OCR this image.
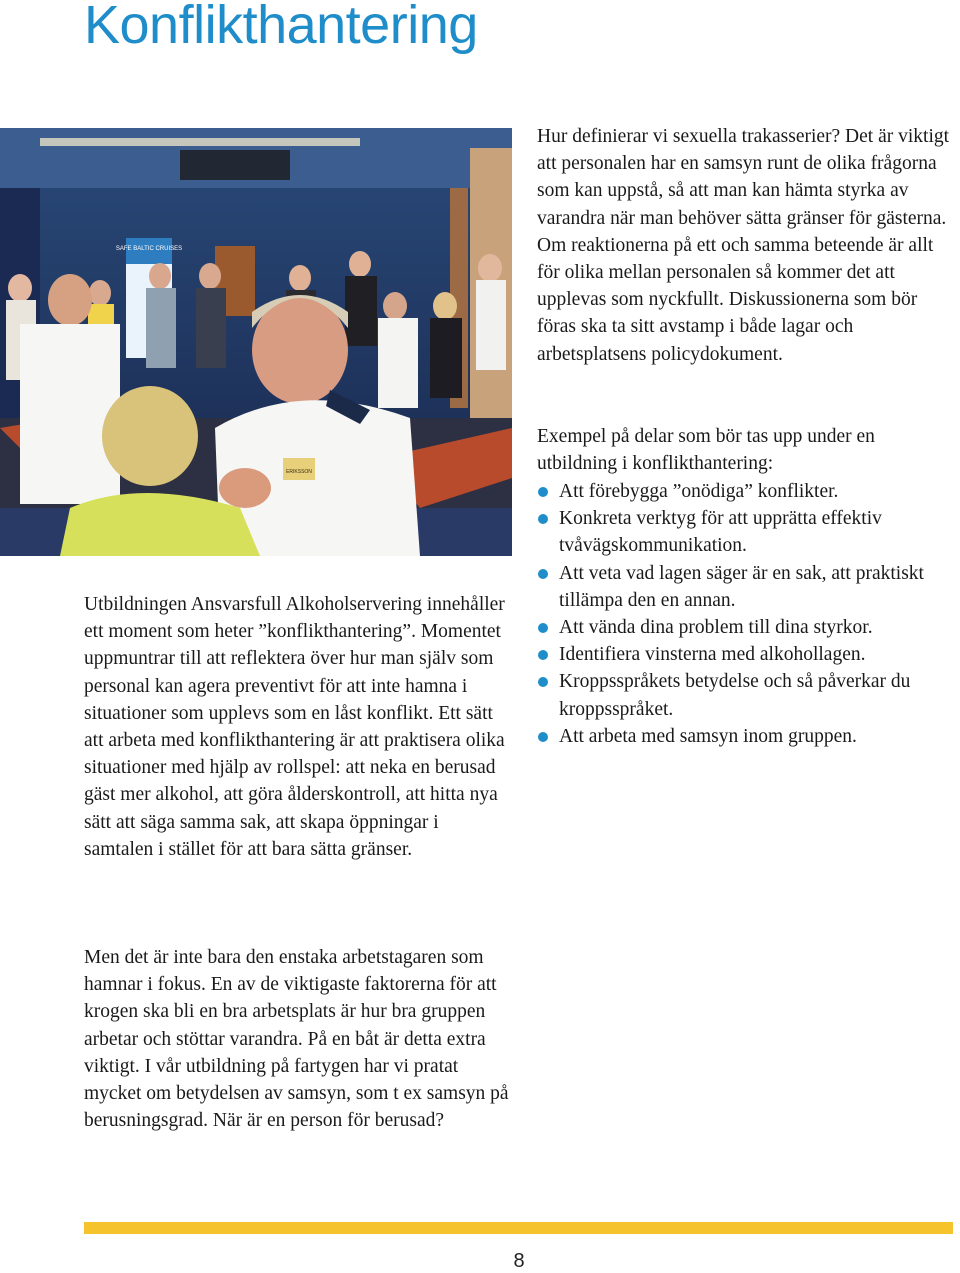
Konflikthantering
SAFE BALTIC CRUISES
ERIKSSON

Utbildningen Ansvarsfull Alkoholservering innehåller ett moment som heter ”konflikthantering”. Momentet uppmuntrar till att reflektera över hur man själv som personal kan agera preventivt för att inte hamna i situationer som upplevs som en låst konflikt. Ett sätt att arbeta med konflikthantering är att praktisera olika situationer med hjälp av rollspel: att neka en berusad gäst mer alkohol, att göra ålderskontroll, att hitta nya sätt att säga samma sak, att skapa öppningar i samtalen i stället för att bara sätta gränser.

Men det är inte bara den enstaka arbetstagaren som hamnar i fokus. En av de viktigaste faktorerna för att krogen ska bli en bra arbetsplats är hur bra gruppen arbetar och stöttar varandra. På en båt är detta extra viktigt. I vår utbildning på fartygen har vi pratat mycket om betydelsen av samsyn, som t ex samsyn på berusningsgrad. När är en person för berusad?

Hur definierar vi sexuella trakasserier? Det är viktigt att personalen har en samsyn runt de olika frågorna som kan uppstå, så att man kan hämta styrka av varandra när man behöver sätta gränser för gästerna. Om reaktionerna på ett och samma beteende är allt för olika mellan personalen så kommer det att upplevas som nyckfullt. Diskussionerna som bör föras ska ta sitt avstamp i både lagar och arbetsplatsens policydokument.

Exempel på delar som bör tas upp under en utbildning i konflikthantering:

Att förebygga ”onödiga” konflikter.
Konkreta verktyg för att upprätta effektiv tvåvägskommunikation.
Att veta vad lagen säger är en sak, att praktiskt tillämpa den en annan.
Att vända dina problem till dina styrkor.
Identifiera vinsterna med alkohollagen.
Kroppsspråkets betydelse och så påverkar du kroppsspråket.
Att arbeta med samsyn inom gruppen.
8
